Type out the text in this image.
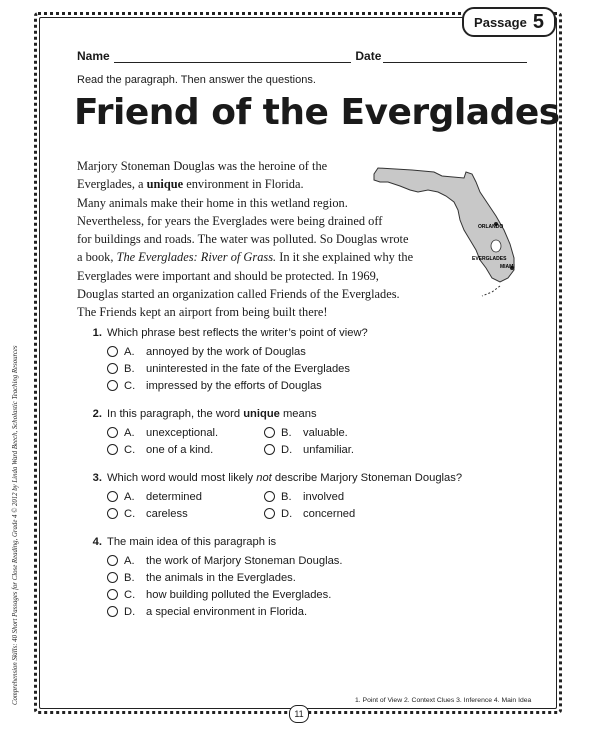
Passage 5
Comprehension Skills: 40 Short Passages for Close Reading, Grade 4 © 2012 by Linda Ward Beech, Scholastic Teaching Resources
Name	Date
Read the paragraph. Then answer the questions.
Friend of the Everglades
Marjory Stoneman Douglas was the heroine of the
Everglades, a unique environment in Florida.
Many animals make their home in this wetland region.
Nevertheless, for years the Everglades were being drained off
for buildings and roads. The water was polluted. So Douglas wrote
a book, The Everglades: River of Grass. In it she explained why the
Everglades were important and should be protected. In 1969,
Douglas started an organization called Friends of the Everglades.
The Friends kept an airport from being built there!
ORLANDO
EVERGLADES
MIAMI
1. Which phrase best reflects the writer’s point of view?
A.	annoyed by the work of Douglas
B.	uninterested in the fate of the Everglades
C. impressed by the efforts of Douglas
2. In this paragraph, the word unique means
A.	unexceptional.	B.	valuable.
C. one of a kind.	D. unfamiliar.
3. Which word would most likely not describe Marjory Stoneman Douglas?
A.	determined	B.	involved
C. careless	D. concerned
4. The main idea of this paragraph is
A.	the work of Marjory Stoneman Douglas.
B.	the animals in the Everglades.
C. how building polluted the Everglades.
D. a special environment in Florida.
1. Point of View 2. Context Clues 3. Inference 4. Main Idea
11
